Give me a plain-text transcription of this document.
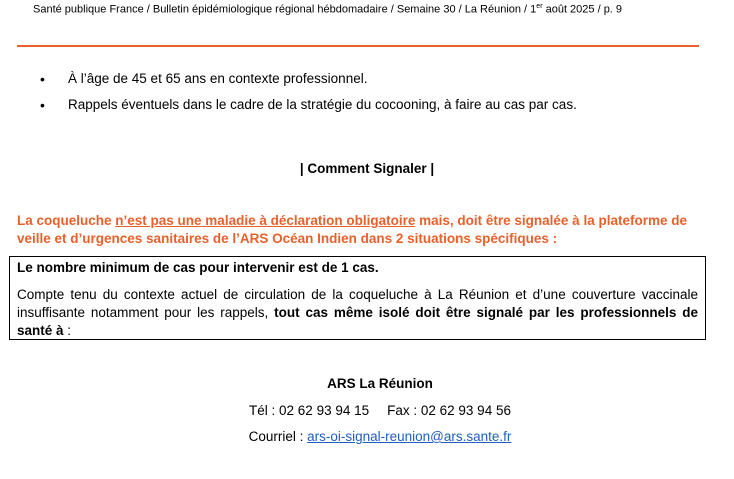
Santé publique France / Bulletin épidémiologique régional hébdomadaire / Semaine 30 / La Réunion / 1er août 2025 / p. 9
• À l’âge de 45 et 65 ans en contexte professionnel.
• Rappels éventuels dans le cadre de la stratégie du cocooning, à faire au cas par cas.
| Comment Signaler |
La coqueluche n’est pas une maladie à déclaration obligatoire mais, doit être signalée à la plateforme de veille et d’urgences sanitaires de l’ARS Océan Indien dans 2 situations spécifiques :
Le nombre minimum de cas pour intervenir est de 1 cas.
Compte tenu du contexte actuel de circulation de la coqueluche à La Réunion et d’une couverture vaccinale insuffisante notamment pour les rappels, tout cas même isolé doit être signalé par les professionnels de santé à :
ARS La Réunion
Tél : 02 62 93 94 15 Fax : 02 62 93 94 56
Courriel : ars-oi-signal-reunion@ars.sante.fr
